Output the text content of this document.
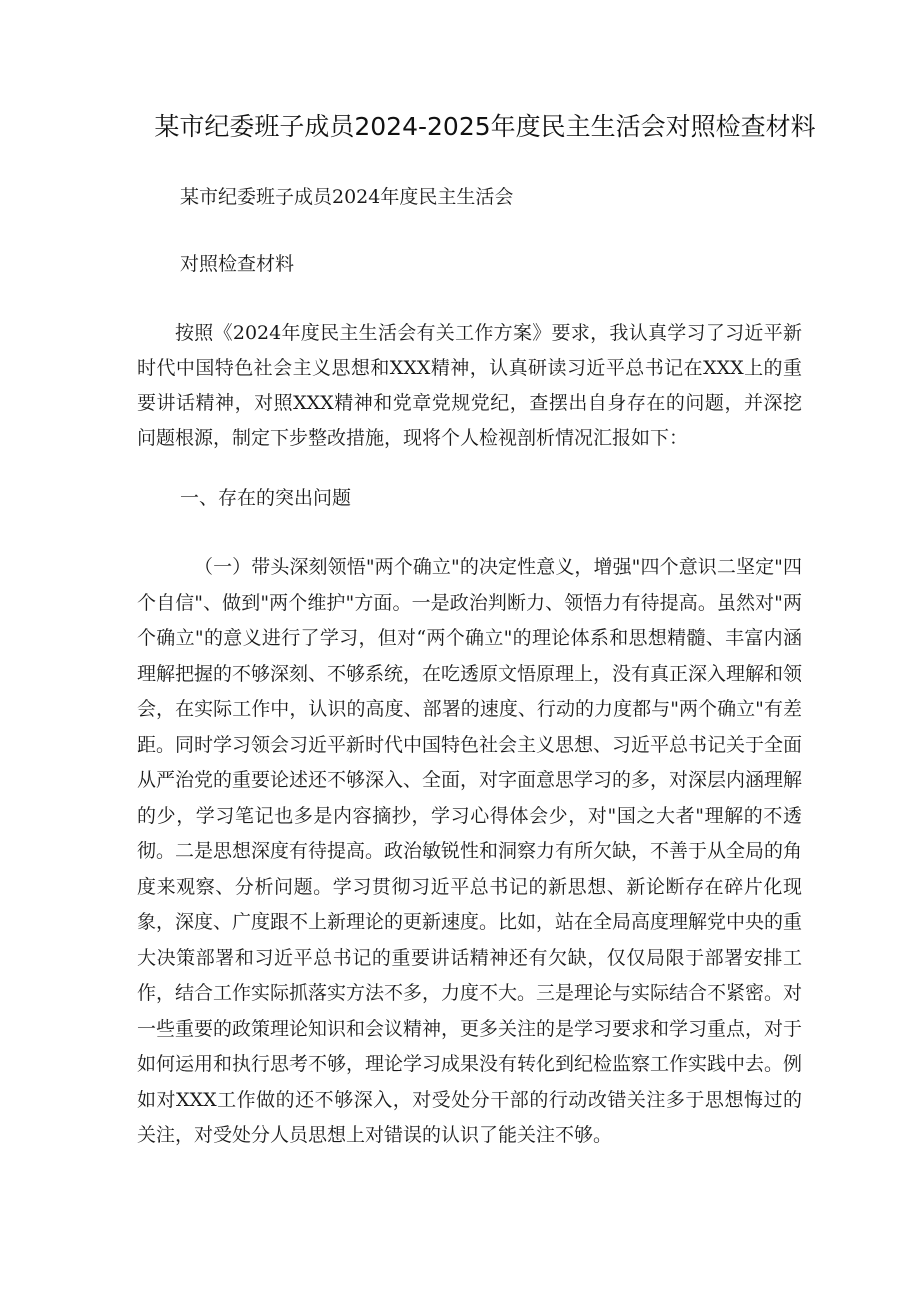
某市纪委班子成员2024-2025年度民主生活会对照检查材料

某市纪委班子成员2024年度民主生活会

对照检查材料

按照《2024年度民主生活会有关工作方案》要求，我认真学习了习近平新时代中国特色社会主义思想和XXX精神，认真研读习近平总书记在XXX上的重要讲话精神，对照XXX精神和党章党规党纪，查摆出自身存在的问题，并深挖问题根源，制定下步整改措施，现将个人检视剖析情况汇报如下：

一、存在的突出问题

（一）带头深刻领悟"两个确立"的决定性意义，增强"四个意识二坚定"四个自信"、做到"两个维护"方面。一是政治判断力、领悟力有待提高。虽然对"两个确立"的意义进行了学习，但对“两个确立"的理论体系和思想精髓、丰富内涵理解把握的不够深刻、不够系统，在吃透原文悟原理上，没有真正深入理解和领会，在实际工作中，认识的高度、部署的速度、行动的力度都与"两个确立"有差距。同时学习领会习近平新时代中国特色社会主义思想、习近平总书记关于全面从严治党的重要论述还不够深入、全面，对字面意思学习的多，对深层内涵理解的少，学习笔记也多是内容摘抄，学习心得体会少，对"国之大者"理解的不透彻。二是思想深度有待提高。政治敏锐性和洞察力有所欠缺，不善于从全局的角度来观察、分析问题。学习贯彻习近平总书记的新思想、新论断存在碎片化现象，深度、广度跟不上新理论的更新速度。比如，站在全局高度理解党中央的重大决策部署和习近平总书记的重要讲话精神还有欠缺，仅仅局限于部署安排工作，结合工作实际抓落实方法不多，力度不大。三是理论与实际结合不紧密。对一些重要的政策理论知识和会议精神，更多关注的是学习要求和学习重点，对于如何运用和执行思考不够，理论学习成果没有转化到纪检监察工作实践中去。例如对XXX工作做的还不够深入，对受处分干部的行动改错关注多于思想悔过的关注，对受处分人员思想上对错误的认识了能关注不够。
